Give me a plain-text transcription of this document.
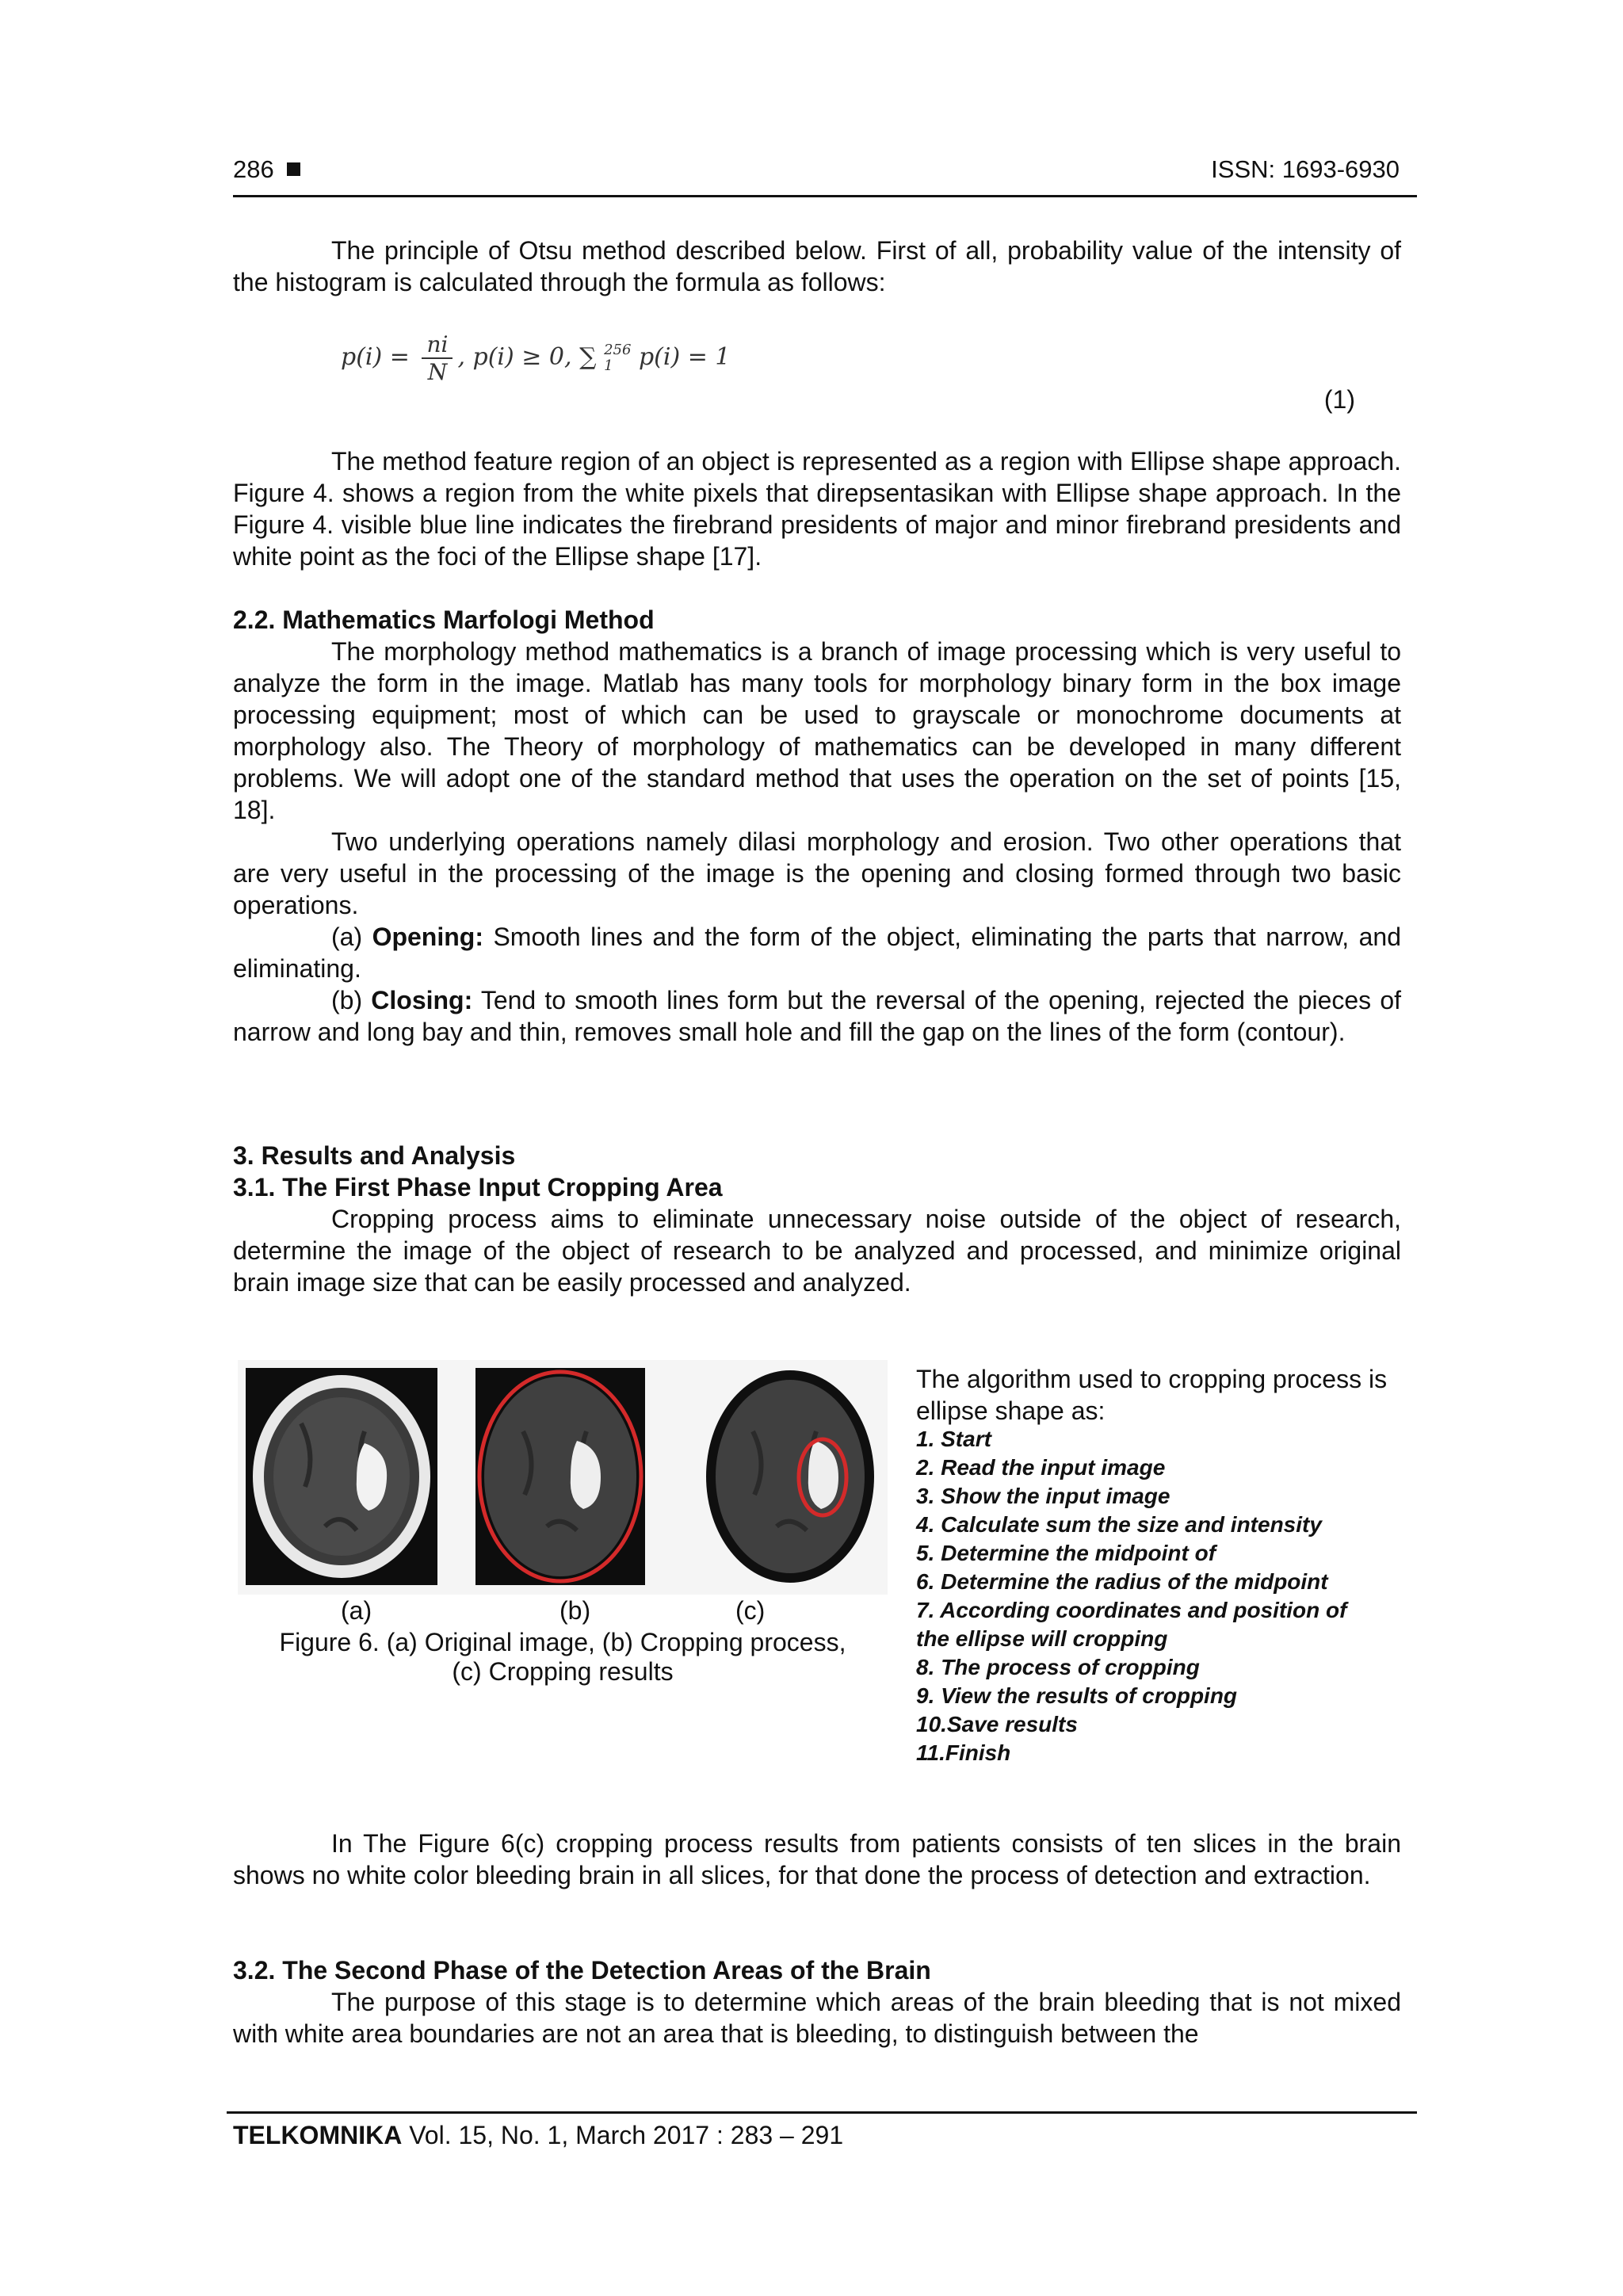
286	ISSN: 1693-6930
The principle of Otsu method described below. First of all, probability value of the intensity of the histogram is calculated through the formula as follows:
$p(i) = \frac{ni}{N}$ , p(i) ≥ 0, ∑ 256
1	p(i) = 1
(1)
The method feature region of an object is represented as a region with Ellipse shape approach. Figure 4. shows a region from the white pixels that direpsentasikan with Ellipse shape approach. In the Figure 4. visible blue line indicates the firebrand presidents of major and minor firebrand presidents and white point as the foci of the Ellipse shape [17].
2.2. Mathematics Marfologi Method
The morphology method mathematics is a branch of image processing which is very useful to analyze the form in the image. Matlab has many tools for morphology binary form in the box image processing equipment; most of which can be used to grayscale or monochrome documents at morphology also. The Theory of morphology of mathematics can be developed in many different problems. We will adopt one of the standard method that uses the operation on the set of points [15, 18].
Two underlying operations namely dilasi morphology and erosion. Two other operations that are very useful in the processing of the image is the opening and closing formed through two basic operations.
(a) Opening: Smooth lines and the form of the object, eliminating the parts that narrow, and eliminating.
(b) Closing: Tend to smooth lines form but the reversal of the opening, rejected the pieces of narrow and long bay and thin, removes small hole and fill the gap on the lines of the form (contour).
3. Results and Analysis
3.1. The First Phase Input Cropping Area
Cropping process aims to eliminate unnecessary noise outside of the object of research, determine the image of the object of research to be analyzed and processed, and minimize original brain image size that can be easily processed and analyzed.
(a)	(b)	(c)
Figure 6. (a) Original image, (b) Cropping process,
(c) Cropping results
The algorithm used to cropping process is ellipse shape as:
1. Start
2. Read the input image
3. Show the input image
4. Calculate sum the size and intensity
5. Determine the midpoint of
6. Determine the radius of the midpoint
7. According coordinates and position of
the ellipse will cropping
8. The process of cropping
9. View the results of cropping
10.Save results
11.Finish
In The Figure 6(c) cropping process results from patients consists of ten slices in the brain shows no white color bleeding brain in all slices, for that done the process of detection and extraction.
3.2. The Second Phase of the Detection Areas of the Brain
The purpose of this stage is to determine which areas of the brain bleeding that is not mixed with white area boundaries are not an area that is bleeding, to distinguish between the
TELKOMNIKA Vol. 15, No. 1, March 2017 : 283 – 291
